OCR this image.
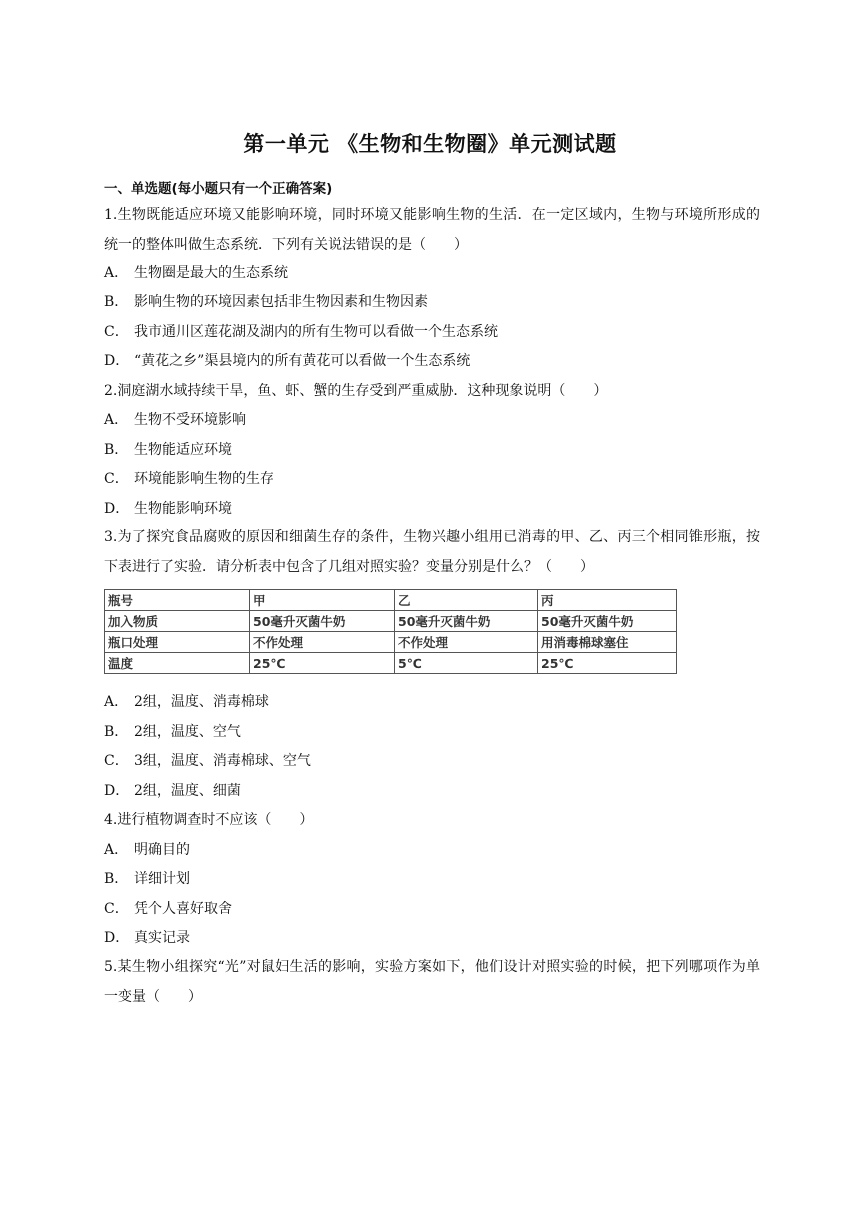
第一单元 《生物和生物圈》单元测试题
一、单选题(每小题只有一个正确答案)
1.生物既能适应环境又能影响环境，同时环境又能影响生物的生活．在一定区域内，生物与环境所形成的统一的整体叫做生态系统．下列有关说法错误的是（　　）
A． 生物圈是最大的生态系统
B． 影响生物的环境因素包括非生物因素和生物因素
C． 我市通川区莲花湖及湖内的所有生物可以看做一个生态系统
D． “黄花之乡”渠县境内的所有黄花可以看做一个生态系统
2.洞庭湖水域持续干旱，鱼、虾、蟹的生存受到严重威胁．这种现象说明（　　）
A． 生物不受环境影响
B． 生物能适应环境
C． 环境能影响生物的生存
D． 生物能影响环境
3.为了探究食品腐败的原因和细菌生存的条件，生物兴趣小组用已消毒的甲、乙、丙三个相同锥形瓶，按下表进行了实验．请分析表中包含了几组对照实验？变量分别是什么？（　　）
瓶号	甲	乙	丙
加入物质	50毫升灭菌牛奶	50毫升灭菌牛奶	50毫升灭菌牛奶
瓶口处理	不作处理	不作处理	用消毒棉球塞住
温度	25℃	5℃	25℃
A． 2组，温度、消毒棉球
B． 2组，温度、空气
C． 3组，温度、消毒棉球、空气
D． 2组，温度、细菌
4.进行植物调查时不应该（　　）
A． 明确目的
B． 详细计划
C． 凭个人喜好取舍
D． 真实记录
5.某生物小组探究“光”对鼠妇生活的影响，实验方案如下，他们设计对照实验的时候，把下列哪项作为单一变量（　　）
